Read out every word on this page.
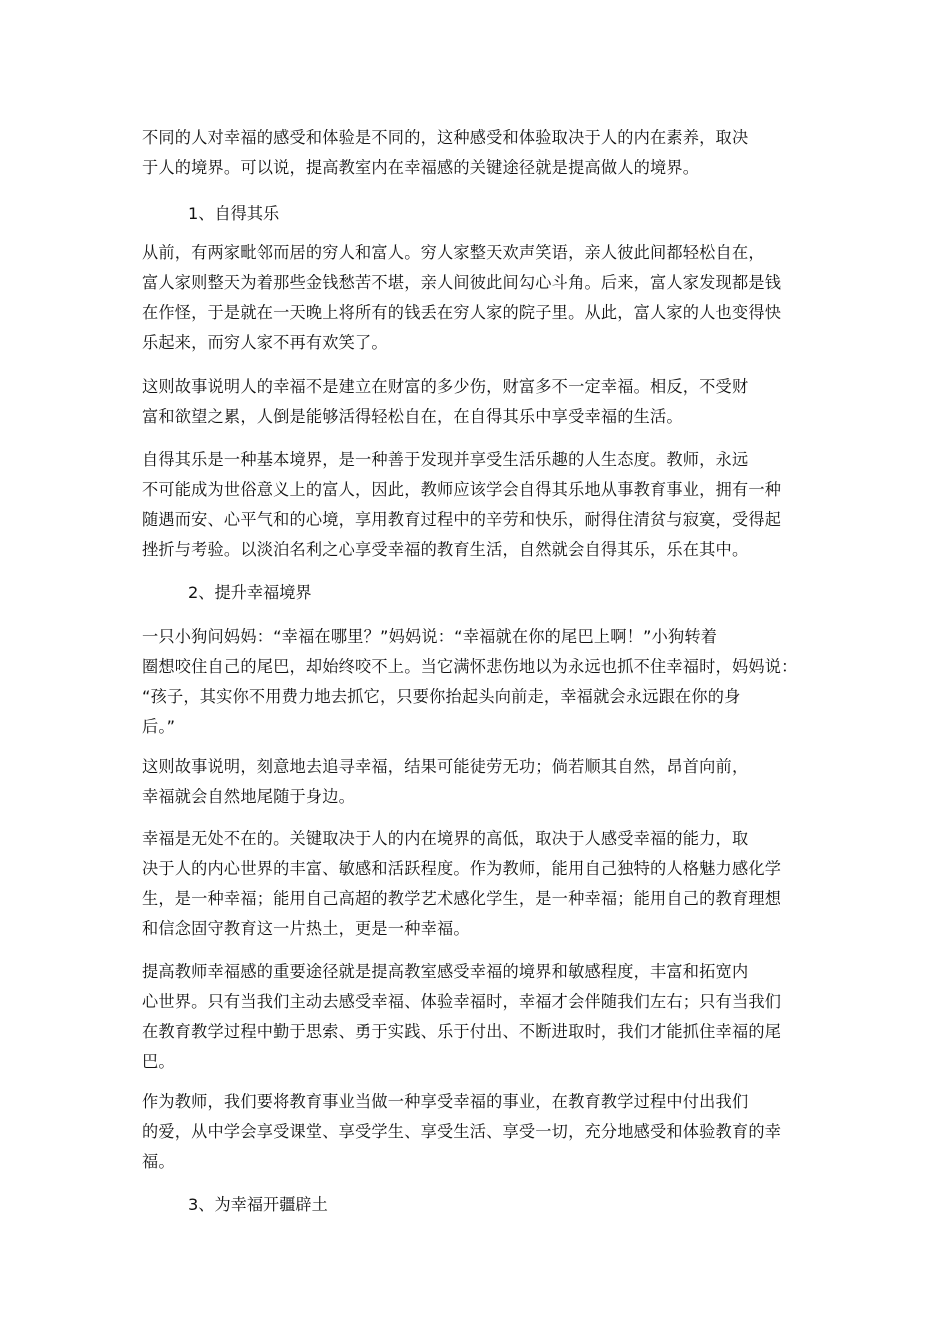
不同的人对幸福的感受和体验是不同的，这种感受和体验取决于人的内在素养，取决
于人的境界。可以说，提高教室内在幸福感的关键途径就是提高做人的境界。

1、自得其乐

从前，有两家毗邻而居的穷人和富人。穷人家整天欢声笑语，亲人彼此间都轻松自在，
富人家则整天为着那些金钱愁苦不堪，亲人间彼此间勾心斗角。后来，富人家发现都是钱
在作怪，于是就在一天晚上将所有的钱丢在穷人家的院子里。从此，富人家的人也变得快
乐起来，而穷人家不再有欢笑了。

这则故事说明人的幸福不是建立在财富的多少伤，财富多不一定幸福。相反，不受财
富和欲望之累，人倒是能够活得轻松自在，在自得其乐中享受幸福的生活。

自得其乐是一种基本境界，是一种善于发现并享受生活乐趣的人生态度。教师，永远
不可能成为世俗意义上的富人，因此，教师应该学会自得其乐地从事教育事业，拥有一种
随遇而安、心平气和的心境，享用教育过程中的辛劳和快乐，耐得住清贫与寂寞，受得起
挫折与考验。以淡泊名利之心享受幸福的教育生活，自然就会自得其乐，乐在其中。

2、提升幸福境界

一只小狗问妈妈：“幸福在哪里？”妈妈说：“幸福就在你的尾巴上啊！”小狗转着
圈想咬住自己的尾巴，却始终咬不上。当它满怀悲伤地以为永远也抓不住幸福时，妈妈说：
“孩子，其实你不用费力地去抓它，只要你抬起头向前走，幸福就会永远跟在你的身
后。”

这则故事说明，刻意地去追寻幸福，结果可能徒劳无功；倘若顺其自然，昂首向前，
幸福就会自然地尾随于身边。

幸福是无处不在的。关键取决于人的内在境界的高低，取决于人感受幸福的能力，取
决于人的内心世界的丰富、敏感和活跃程度。作为教师，能用自己独特的人格魅力感化学
生，是一种幸福；能用自己高超的教学艺术感化学生，是一种幸福；能用自己的教育理想
和信念固守教育这一片热土，更是一种幸福。

提高教师幸福感的重要途径就是提高教室感受幸福的境界和敏感程度，丰富和拓宽内
心世界。只有当我们主动去感受幸福、体验幸福时，幸福才会伴随我们左右；只有当我们
在教育教学过程中勤于思索、勇于实践、乐于付出、不断进取时，我们才能抓住幸福的尾
巴。

作为教师，我们要将教育事业当做一种享受幸福的事业，在教育教学过程中付出我们
的爱，从中学会享受课堂、享受学生、享受生活、享受一切，充分地感受和体验教育的幸
福。

3、为幸福开疆辟土
